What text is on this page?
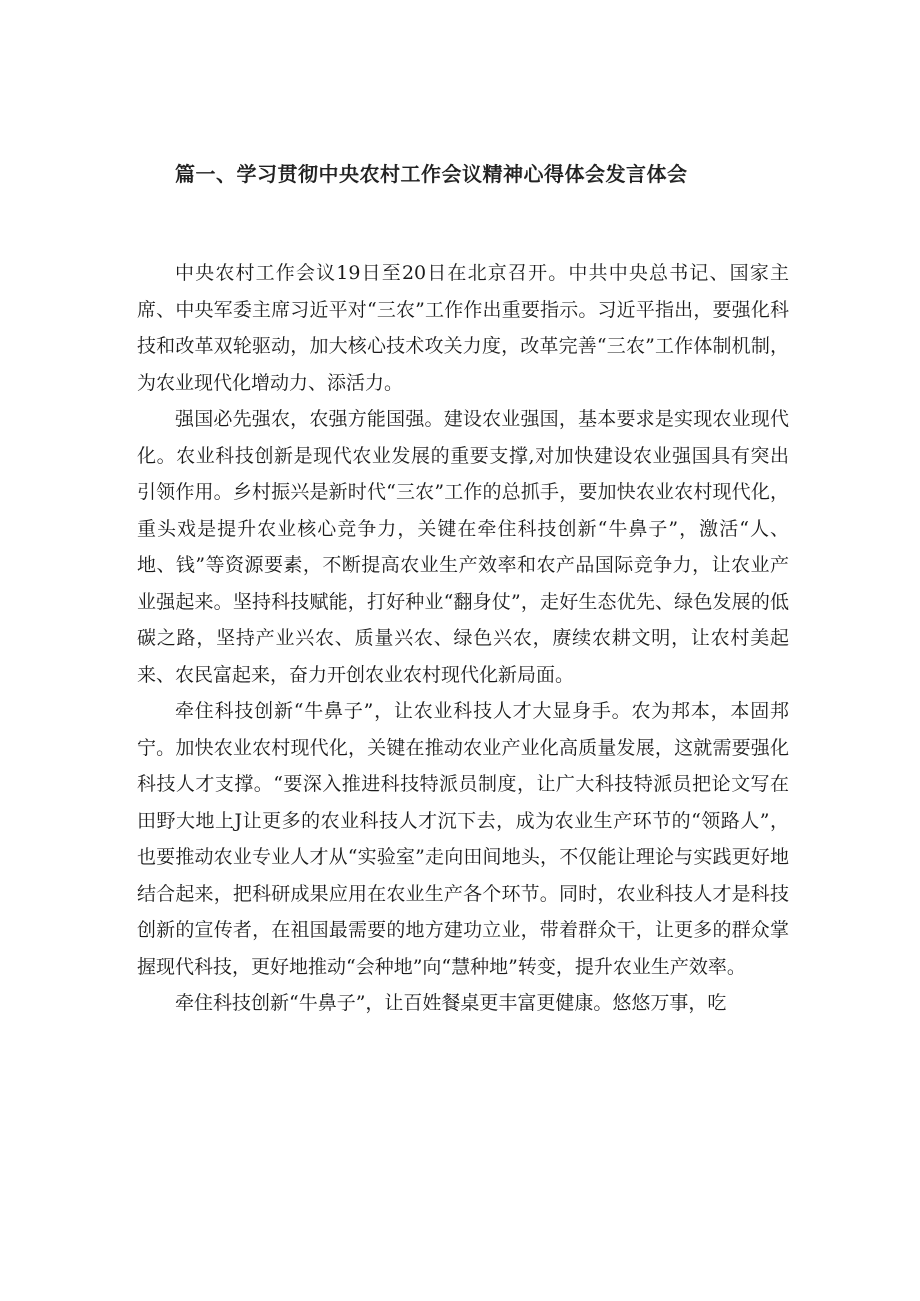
篇一、学习贯彻中央农村工作会议精神心得体会发言体会

中央农村工作会议19日至20日在北京召开。中共中央总书记、国家主席、中央军委主席习近平对“三农”工作作出重要指示。习近平指出，要强化科技和改革双轮驱动，加大核心技术攻关力度，改革完善“三农”工作体制机制，为农业现代化增动力、添活力。

强国必先强农，农强方能国强。建设农业强国，基本要求是实现农业现代化。农业科技创新是现代农业发展的重要支撑,对加快建设农业强国具有突出引领作用。乡村振兴是新时代“三农”工作的总抓手，要加快农业农村现代化，重头戏是提升农业核心竞争力，关键在牵住科技创新“牛鼻子”，激活“人、地、钱”等资源要素，不断提高农业生产效率和农产品国际竞争力，让农业产业强起来。坚持科技赋能，打好种业“翻身仗”，走好生态优先、绿色发展的低碳之路，坚持产业兴农、质量兴农、绿色兴农，赓续农耕文明，让农村美起来、农民富起来，奋力开创农业农村现代化新局面。

牵住科技创新“牛鼻子”，让农业科技人才大显身手。农为邦本，本固邦宁。加快农业农村现代化，关键在推动农业产业化高质量发展，这就需要强化科技人才支撑。“要深入推进科技特派员制度，让广大科技特派员把论文写在田野大地上J让更多的农业科技人才沉下去，成为农业生产环节的“领路人”，也要推动农业专业人才从“实验室”走向田间地头，不仅能让理论与实践更好地结合起来，把科研成果应用在农业生产各个环节。同时，农业科技人才是科技创新的宣传者，在祖国最需要的地方建功立业，带着群众干，让更多的群众掌握现代科技，更好地推动“会种地”向“慧种地”转变，提升农业生产效率。

牵住科技创新“牛鼻子”，让百姓餐桌更丰富更健康。悠悠万事，吃
